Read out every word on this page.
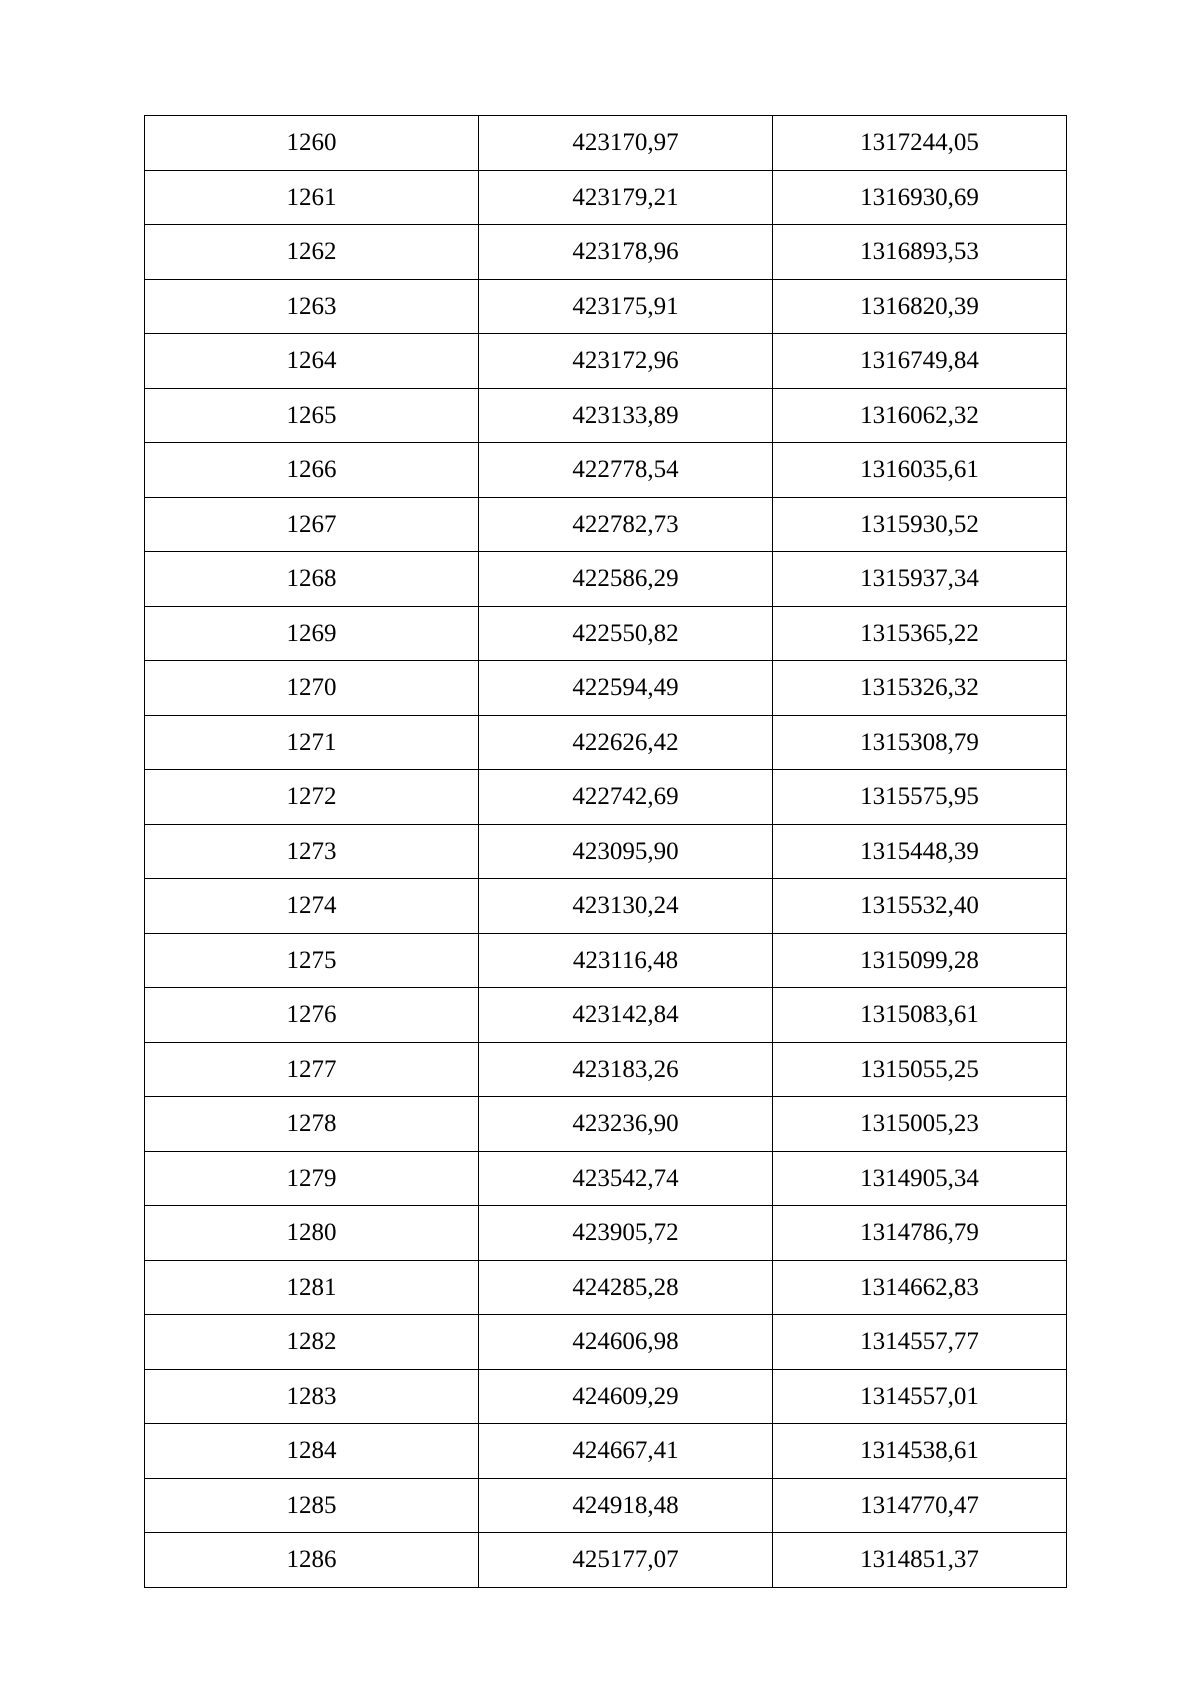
1260	423170,97	1317244,05
1261	423179,21	1316930,69
1262	423178,96	1316893,53
1263	423175,91	1316820,39
1264	423172,96	1316749,84
1265	423133,89	1316062,32
1266	422778,54	1316035,61
1267	422782,73	1315930,52
1268	422586,29	1315937,34
1269	422550,82	1315365,22
1270	422594,49	1315326,32
1271	422626,42	1315308,79
1272	422742,69	1315575,95
1273	423095,90	1315448,39
1274	423130,24	1315532,40
1275	423116,48	1315099,28
1276	423142,84	1315083,61
1277	423183,26	1315055,25
1278	423236,90	1315005,23
1279	423542,74	1314905,34
1280	423905,72	1314786,79
1281	424285,28	1314662,83
1282	424606,98	1314557,77
1283	424609,29	1314557,01
1284	424667,41	1314538,61
1285	424918,48	1314770,47
1286	425177,07	1314851,37
